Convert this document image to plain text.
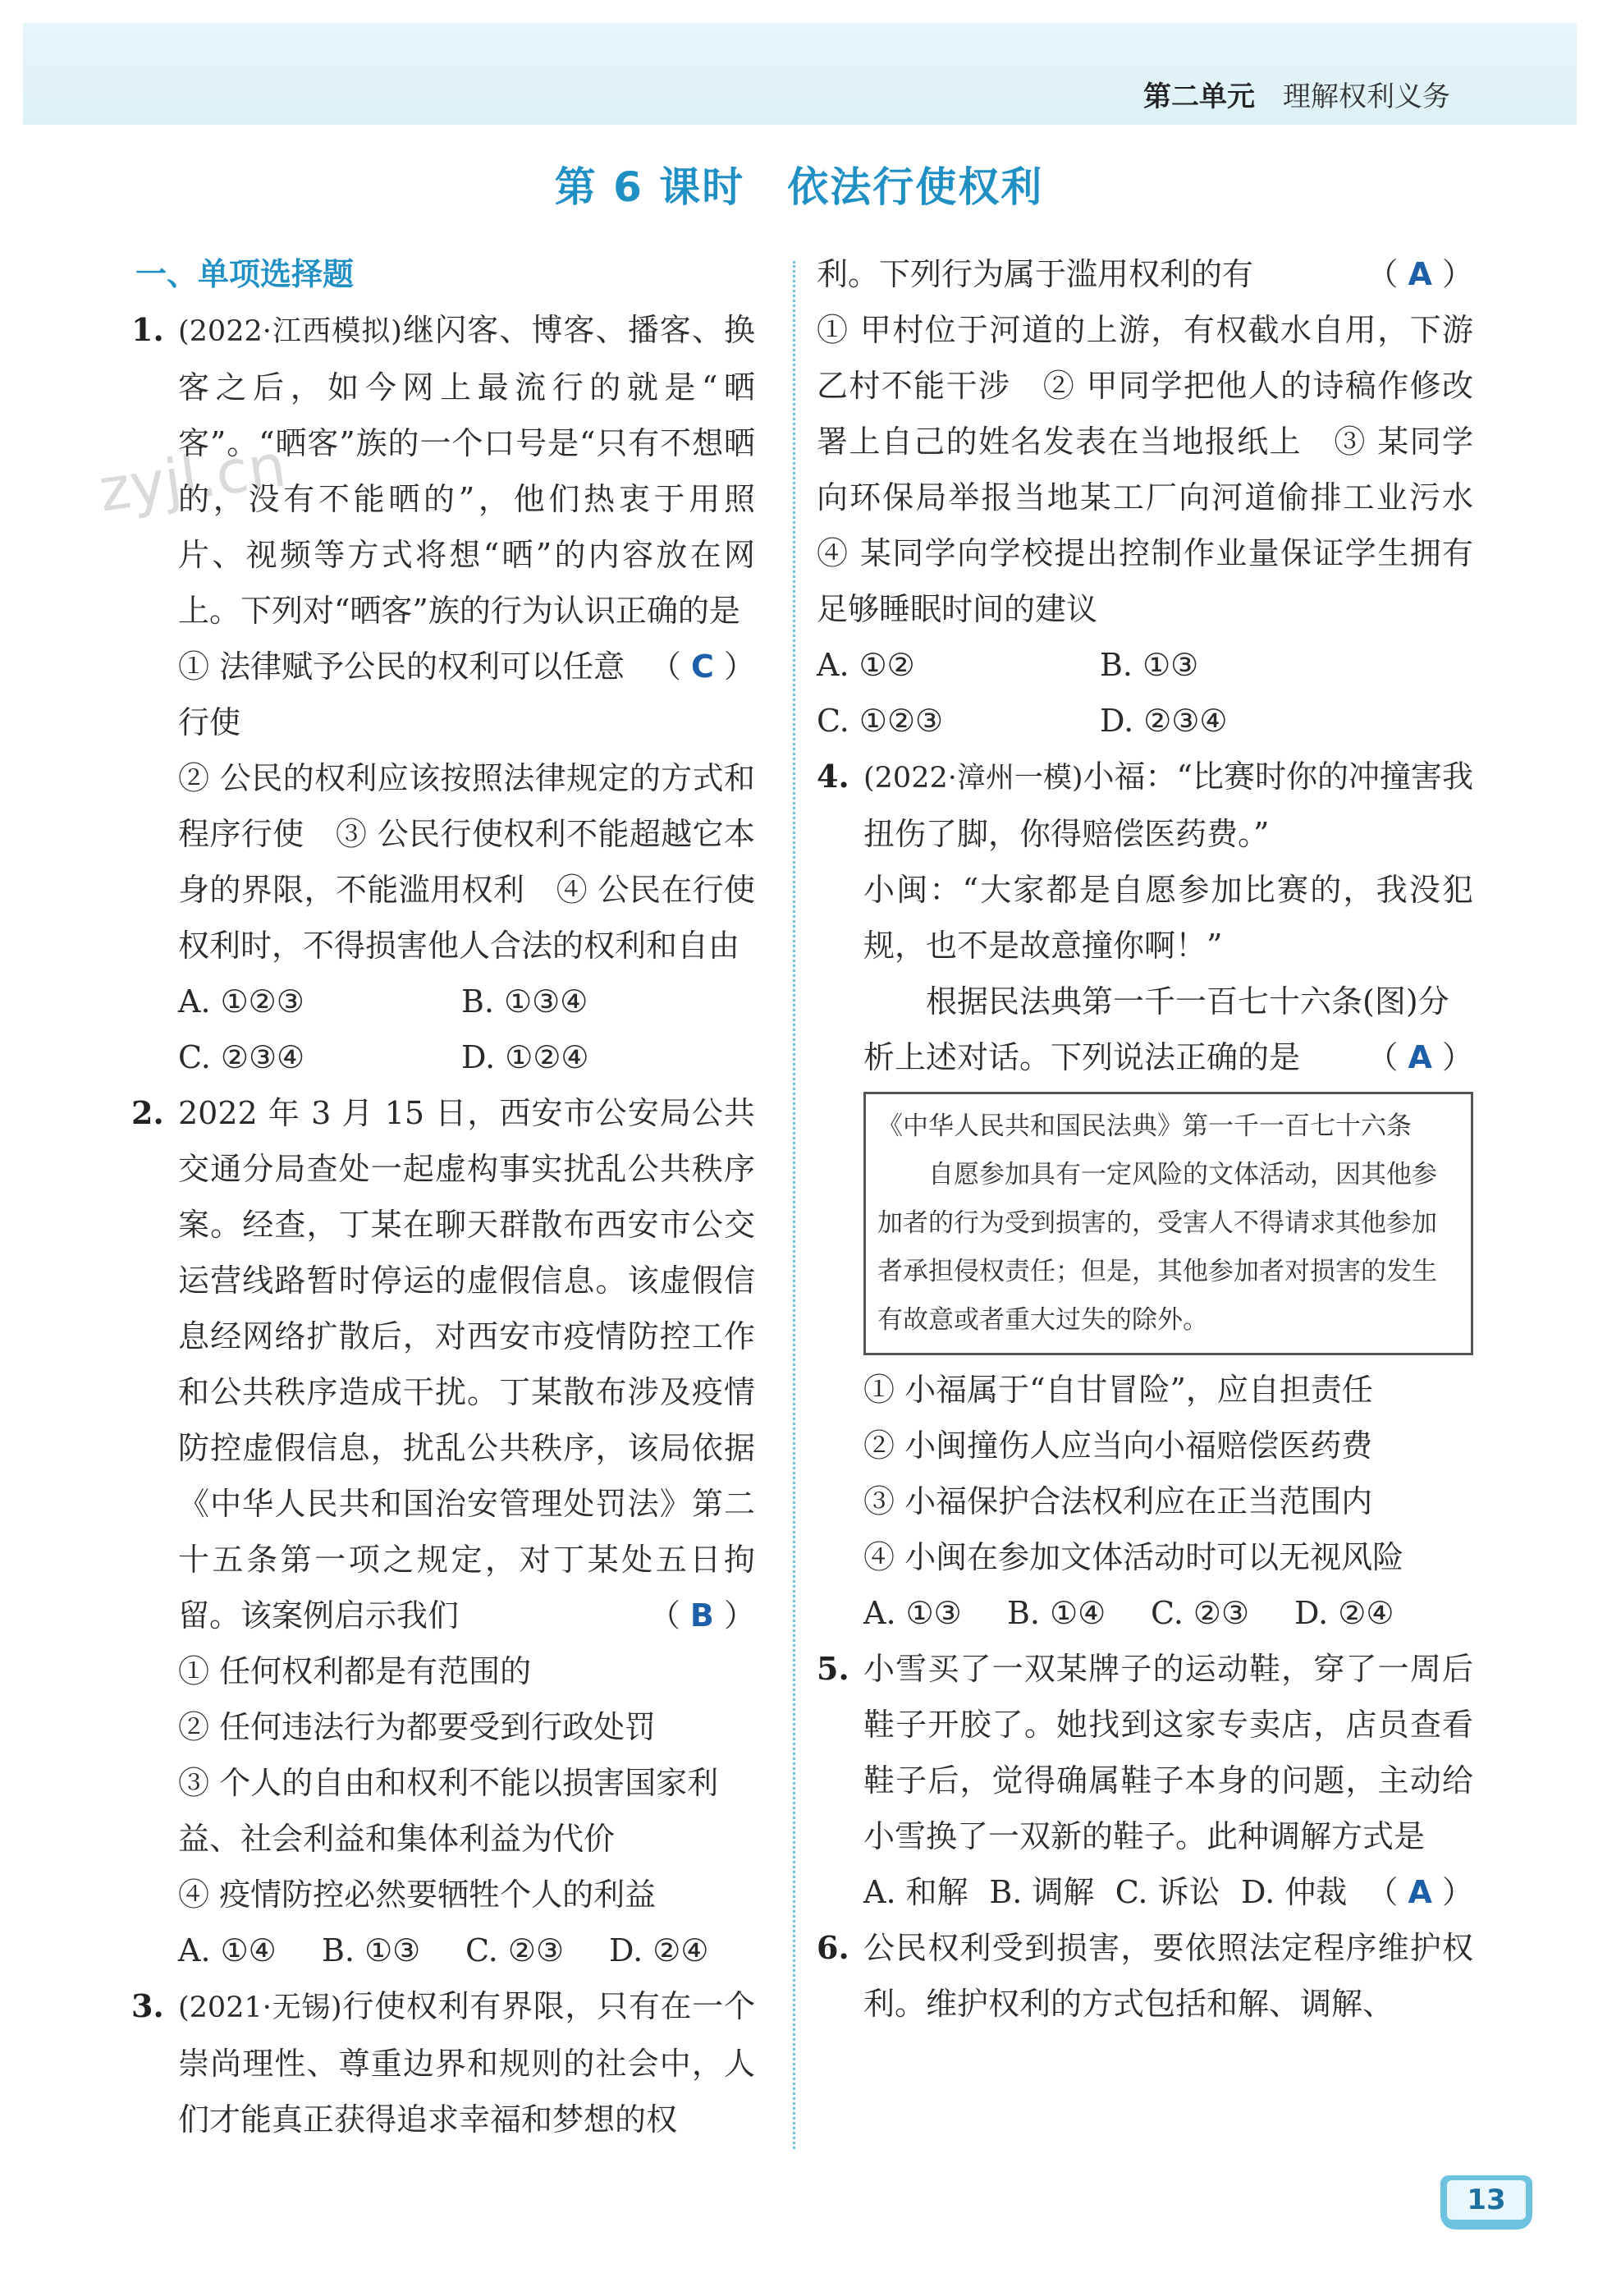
第二单元 理解权利义务
第 6 课时　依法行使权利
zyjl.cn
一、单项选择题
1. (2022·江西模拟)继闪客、博客、播客、换客之后，如今网上最流行的就是“晒客”。“晒客”族的一个口号是“只有不想晒的，没有不能晒的”，他们热衷于用照片、视频等方式将想“晒”的内容放在网上。下列对“晒客”族的行为认识正确的是
（ C ）
① 法律赋予公民的权利可以任意行使
② 公民的权利应该按照法律规定的方式和程序行使　③ 公民行使权利不能超越它本身的界限，不能滥用权利　④ 公民在行使权利时，不得损害他人合法的权利和自由
A. ①②③	B. ①③④
C. ②③④	D. ①②④
2. 2022 年 3 月 15 日，西安市公安局公共交通分局查处一起虚构事实扰乱公共秩序案。经查，丁某在聊天群散布西安市公交运营线路暂时停运的虚假信息。该虚假信息经网络扩散后，对西安市疫情防控工作和公共秩序造成干扰。丁某散布涉及疫情防控虚假信息，扰乱公共秩序，该局依据《中华人民共和国治安管理处罚法》第二十五条第一项之规定，对丁某处五日拘留。该案例启示我们	（ B ）
① 任何权利都是有范围的
② 任何违法行为都要受到行政处罚
③ 个人的自由和权利不能以损害国家利益、社会利益和集体利益为代价
④ 疫情防控必然要牺牲个人的利益
A. ①④	B. ①③	C. ②③	D. ②④
3. (2021·无锡)行使权利有界限，只有在一个崇尚理性、尊重边界和规则的社会中，人们才能真正获得追求幸福和梦想的权
利。下列行为属于滥用权利的有	（ A ）
① 甲村位于河道的上游，有权截水自用，下游乙村不能干涉　② 甲同学把他人的诗稿作修改署上自己的姓名发表在当地报纸上　③ 某同学向环保局举报当地某工厂向河道偷排工业污水　④ 某同学向学校提出控制作业量保证学生拥有足够睡眠时间的建议
A. ①②	B. ①③
C. ①②③	D. ②③④
4. (2022·漳州一模)小福：“比赛时你的冲撞害我扭伤了脚，你得赔偿医药费。”
小闽：“大家都是自愿参加比赛的，我没犯规，也不是故意撞你啊！”
根据民法典第一千一百七十六条(图)分析上述对话。下列说法正确的是	（ A ）
《中华人民共和国民法典》第一千一百七十六条
自愿参加具有一定风险的文体活动，因其他参加者的行为受到损害的，受害人不得请求其他参加者承担侵权责任；但是，其他参加者对损害的发生有故意或者重大过失的除外。
① 小福属于“自甘冒险”，应自担责任
② 小闽撞伤人应当向小福赔偿医药费
③ 小福保护合法权利应在正当范围内
④ 小闽在参加文体活动时可以无视风险
A. ①③	B. ①④	C. ②③	D. ②④
5. 小雪买了一双某牌子的运动鞋，穿了一周后鞋子开胶了。她找到这家专卖店，店员查看鞋子后，觉得确属鞋子本身的问题，主动给小雪换了一双新的鞋子。此种调解方式是
（ A ）
A. 和解 B. 调解 C. 诉讼 D. 仲裁
6. 公民权利受到损害，要依照法定程序维护权利。维护权利的方式包括和解、调解、
13
